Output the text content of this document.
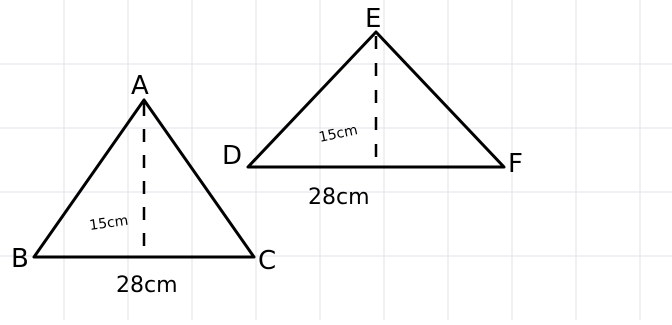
A
B	C
15cm
28cm
E
D	F
15cm
28cm
